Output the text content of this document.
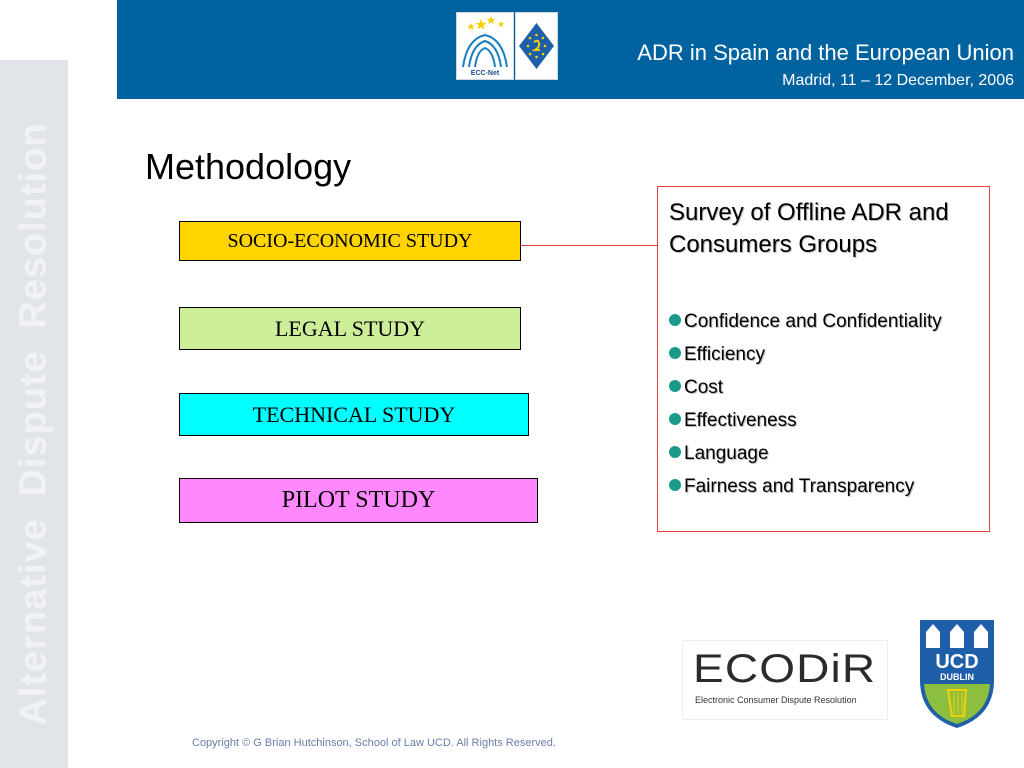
Alternative Dispute Resolution
ADR in Spain and the European Union
Madrid, 11 – 12 December, 2006
ECC-Net
Methodology
SOCIO-ECONOMIC STUDY
LEGAL STUDY
TECHNICAL STUDY
PILOT STUDY
Survey of Offline ADR and Consumers Groups
Confidence and Confidentiality
Efficiency
Cost
Effectiveness
Language
Fairness and Transparency
ECODiR
Electronic Consumer Dispute Resolution
UCD
DUBLIN
Copyright © G Brian Hutchinson, School of Law UCD. All Rights Reserved.
